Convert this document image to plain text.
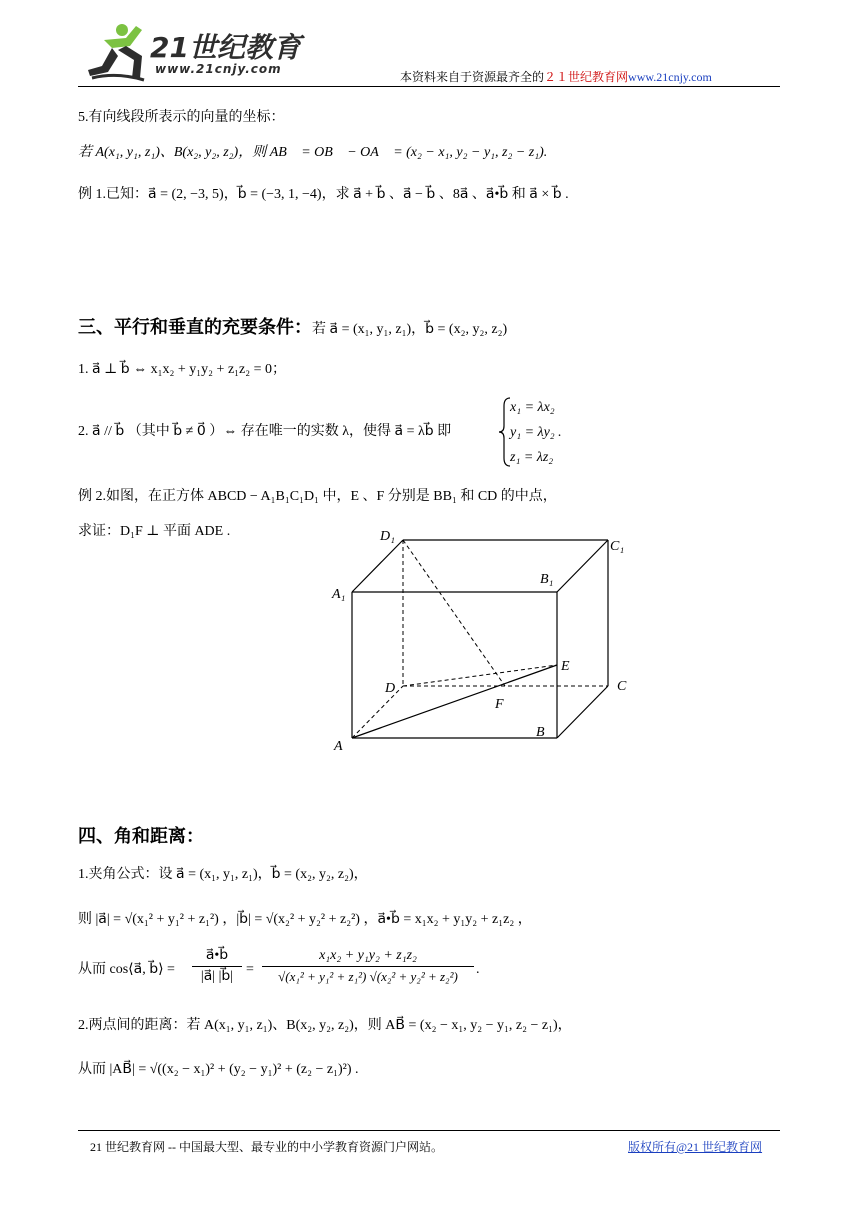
21世纪教育
www.21cnjy.com
本资料来自于资源最齐全的２１世纪教育网www.21cnjy.com
5.有向线段所表示的向量的坐标：
若 A(x₁, y₁, z₁)、B(x₂, y₂, z₂)，则 AB⃗ = OB⃗ − OA⃗ = (x₂ − x₁, y₂ − y₁, z₂ − z₁).
例 1.已知：a⃗ = (2, −3, 5)，b⃗ = (−3, 1, −4)，求 a⃗ + b⃗ 、a⃗ − b⃗ 、8a⃗ 、a⃗•b⃗ 和 a⃗ × b⃗ .
三、平行和垂直的充要条件：若 a⃗ = (x₁, y₁, z₁)，b⃗ = (x₂, y₂, z₂)
1. a⃗ ⊥ b⃗ ⇔ x₁x₂ + y₁y₂ + z₁z₂ = 0；
2. a⃗ // b⃗ （其中 b⃗ ≠ 0⃗ ）⇔ 存在唯一的实数 λ，使得 a⃗ = λb⃗ 即
x₁ = λx₂
y₁ = λy₂ .
z₁ = λz₂
例 2.如图，在正方体 ABCD − A₁B₁C₁D₁ 中，E 、F 分别是 BB₁ 和 CD 的中点，
求证：D₁F ⊥ 平面 ADE .	D₁
C₁
B₁
A₁
E
D	C
F
B
A
四、角和距离：
1.夹角公式：设 a⃗ = (x₁, y₁, z₁)，b⃗ = (x₂, y₂, z₂)，
则 |a⃗| = √(x₁² + y₁² + z₁²) ，|b⃗| = √(x₂² + y₂² + z₂²) ，a⃗•b⃗ = x₁x₂ + y₁y₂ + z₁z₂ ，
从而 cos⟨a⃗, b⃗⟩ = $\frac{a⃗•b⃗}{|a⃗| |b⃗|} = \frac{\text{x₁x₂ + y₁y₂ + z₁z₂}}{\text{√(x₁² + y₁² + z₁²) √(x₂² + y₂² + z₂²)}}$ .
2.两点间的距离：若 A(x₁, y₁, z₁)、B(x₂, y₂, z₂)，则 AB⃗ = (x₂ − x₁, y₂ − y₁, z₂ − z₁)，
从而 |AB⃗| = √((x₂ − x₁)² + (y₂ − y₁)² + (z₂ − z₁)²) .
21 世纪教育网 -- 中国最大型、最专业的中小学教育资源门户网站。	版权所有@21 世纪教育网
